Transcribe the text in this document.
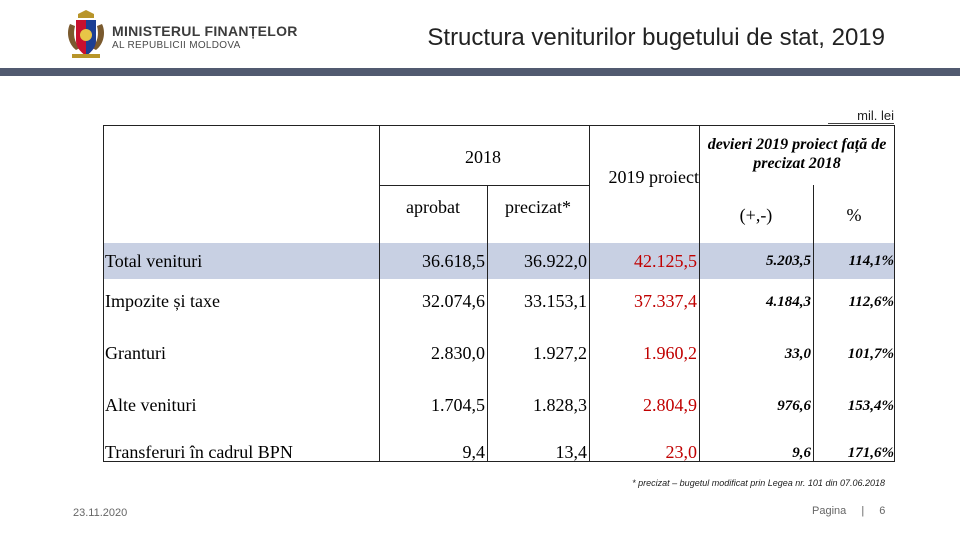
MINISTERUL FINANȚELOR
AL REPUBLICII MOLDOVA	Structura veniturilor bugetului de stat, 2019
mil. lei
2018
aprobat	precizat*
2019 proiect
devieri 2019 proiect față de precizat 2018
(+,-)	%
Total venituri	36.618,5	36.922,0	42.125,5	5.203,5	114,1%
Impozite și taxe	32.074,6	33.153,1	37.337,4	4.184,3	112,6%
Granturi	2.830,0	1.927,2	1.960,2	33,0	101,7%
Alte venituri	1.704,5	1.828,3	2.804,9	976,6	153,4%
Transferuri în cadrul BPN	9,4	13,4	23,0	9,6	171,6%
* precizat – bugetul modificat prin Legea nr. 101 din 07.06.2018
23.11.2020	Pagina | 6
